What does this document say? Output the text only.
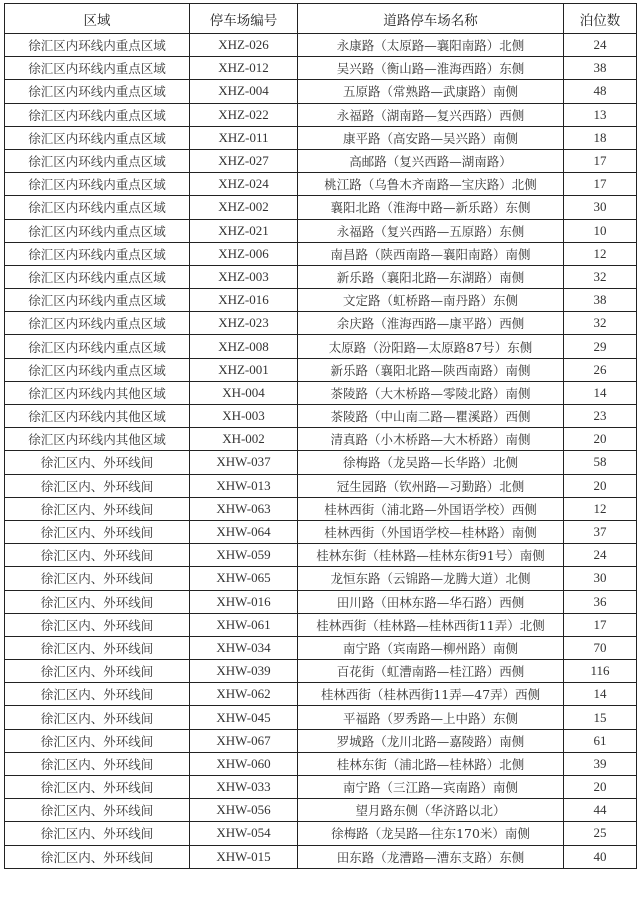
区域	停车场编号	道路停车场名称	泊位数
徐汇区内环线内重点区域	XHZ-026	永康路（太原路—襄阳南路）北侧	24
徐汇区内环线内重点区域	XHZ-012	吴兴路（衡山路—淮海西路）东侧	38
徐汇区内环线内重点区域	XHZ-004	五原路（常熟路—武康路）南侧	48
徐汇区内环线内重点区域	XHZ-022	永福路（湖南路—复兴西路）西侧	13
徐汇区内环线内重点区域	XHZ-011	康平路（高安路—吴兴路）南侧	18
徐汇区内环线内重点区域	XHZ-027	高邮路（复兴西路—湖南路）	17
徐汇区内环线内重点区域	XHZ-024	桃江路（乌鲁木齐南路—宝庆路）北侧	17
徐汇区内环线内重点区域	XHZ-002	襄阳北路（淮海中路—新乐路）东侧	30
徐汇区内环线内重点区域	XHZ-021	永福路（复兴西路—五原路）东侧	10
徐汇区内环线内重点区域	XHZ-006	南昌路（陕西南路—襄阳南路）南侧	12
徐汇区内环线内重点区域	XHZ-003	新乐路（襄阳北路—东湖路）南侧	32
徐汇区内环线内重点区域	XHZ-016	文定路（虹桥路—南丹路）东侧	38
徐汇区内环线内重点区域	XHZ-023	余庆路（淮海西路—康平路）西侧	32
徐汇区内环线内重点区域	XHZ-008	太原路（汾阳路—太原路87号）东侧	29
徐汇区内环线内重点区域	XHZ-001	新乐路（襄阳北路—陕西南路）南侧	26
徐汇区内环线内其他区域	XH-004	茶陵路（大木桥路—零陵北路）南侧	14
徐汇区内环线内其他区域	XH-003	茶陵路（中山南二路—瞿溪路）西侧	23
徐汇区内环线内其他区域	XH-002	清真路（小木桥路—大木桥路）南侧	20
徐汇区内、外环线间	XHW-037	徐梅路（龙吴路—长华路）北侧	58
徐汇区内、外环线间	XHW-013	冠生园路（钦州路—习勤路）北侧	20
徐汇区内、外环线间	XHW-063	桂林西街（浦北路—外国语学校）西侧	12
徐汇区内、外环线间	XHW-064	桂林西街（外国语学校—桂林路）南侧	37
徐汇区内、外环线间	XHW-059	桂林东街（桂林路—桂林东街91号）南侧	24
徐汇区内、外环线间	XHW-065	龙恒东路（云锦路—龙腾大道）北侧	30
徐汇区内、外环线间	XHW-016	田川路（田林东路—华石路）西侧	36
徐汇区内、外环线间	XHW-061	桂林西街（桂林路—桂林西街11弄）北侧	17
徐汇区内、外环线间	XHW-034	南宁路（宾南路—柳州路）南侧	70
徐汇区内、外环线间	XHW-039	百花街（虹漕南路—桂江路）西侧	116
徐汇区内、外环线间	XHW-062	桂林西街（桂林西街11弄—47弄）西侧	14
徐汇区内、外环线间	XHW-045	平福路（罗秀路—上中路）东侧	15
徐汇区内、外环线间	XHW-067	罗城路（龙川北路—嘉陵路）南侧	61
徐汇区内、外环线间	XHW-060	桂林东街（浦北路—桂林路）北侧	39
徐汇区内、外环线间	XHW-033	南宁路（三江路—宾南路）南侧	20
徐汇区内、外环线间	XHW-056	望月路东侧（华济路以北）	44
徐汇区内、外环线间	XHW-054	徐梅路（龙吴路—往东170米）南侧	25
徐汇区内、外环线间	XHW-015	田东路（龙漕路—漕东支路）东侧	40
